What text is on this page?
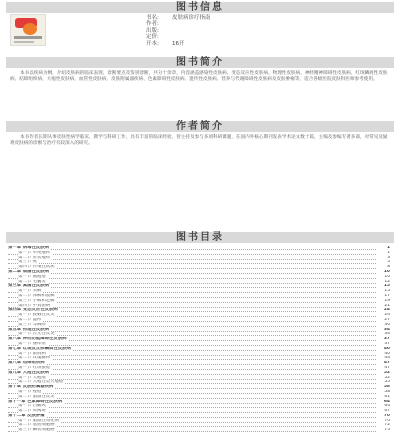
图书信息
书名: 皮肤病诊疗指南
作者:
出版:
定价:
开本: 16开
图书简介
本书以疾病为纲，介绍皮肤病的临床表现、诊断要点及鉴别诊断，共分十余章，内容涵盖感染性皮肤病、变态反应性皮肤病、物理性皮肤病、神经精神障碍性皮肤病、红斑鳞屑性皮肤病、结缔组织病、大疱性皮肤病、血管性皮肤病、皮肤附属器疾病、色素障碍性皮肤病、遗传性皮肤病、营养与代谢障碍性皮肤病及皮肤肿瘤等，适合各级医院皮肤科医师参考使用。
作者简介
本书作者长期从事皮肤性病学临床、教学与科研工作，具有丰富的临床经验，曾主持及参与多项科研课题，在国内外核心期刊发表学术论文数十篇，主编及参编专著多部，对常见及疑难皮肤病的诊断与治疗有较深入的研究。
图书目录
第一章 病毒性皮肤病	1
第一节 单纯疱疹	1
第二节 带状疱疹	3
第三节 疣	5
第四节 传染性软疣	8
第二章 细菌性皮肤病	10
第一节 脓疱疮	10
第二节 毛囊炎	12
第三章 真菌性皮肤病	15
第一节 头癣	15
第二节 体癣和股癣	17
第三节 手癣和足癣	19
第四节 甲真菌病	21
第四章 变态反应性皮肤病	24
第一节 接触性皮炎	24
第二节 湿疹	27
第三节 荨麻疹	30
第五章 物理性皮肤病	34
第一节 日光性皮炎	34
第六章 神经功能障碍性皮肤病	37
第一节 瘙痒症	37
第七章 红斑及丘疹鳞屑性皮肤病	40
第一节 银屑病	40
第二节 玫瑰糠疹	44
第八章 结缔组织病	47
第一节 红斑狼疮	47
第九章 大疱性皮肤病	52
第一节 天疱疮	52
第二节 大疱性类天疱疮	55
第十章 皮肤附属器疾病	58
第一节 痤疮	58
第二节 脂溢性皮炎	61
第十一章 色素障碍性皮肤病	64
第一节 白癜风	64
第二节 黄褐斑	67
第十二章 皮肤肿瘤	70
第一节 脂溢性角化病	70
第二节 基底细胞癌	72
第三节 鳞状细胞癌	75
